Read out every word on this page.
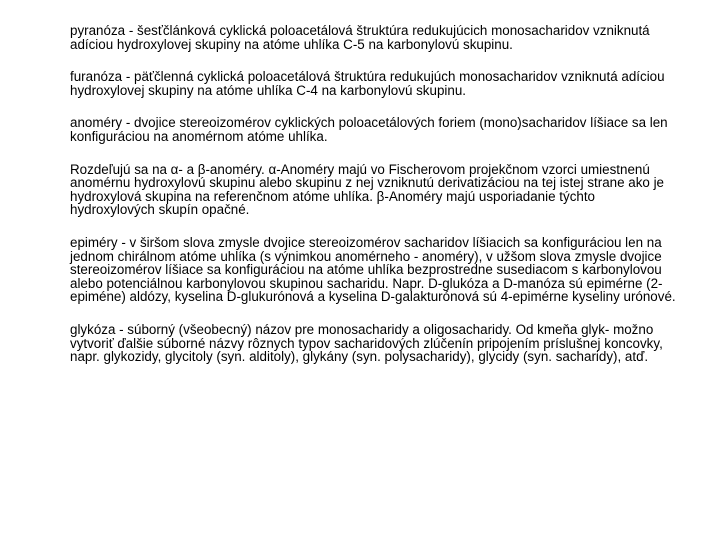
pyranóza - šesťčlánková cyklická poloacetálová štruktúra redukujúcich monosacharidov vzniknutá adíciou hydroxylovej skupiny na atóme uhlíka C-5 na karbonylovú skupinu.

furanóza - päťčlenná cyklická poloacetálová štruktúra redukujúch monosacharidov vzniknutá adíciou hydroxylovej skupiny na atóme uhlíka C-4 na karbonylovú skupinu.

anoméry - dvojice stereoizomérov cyklických poloacetálových foriem (mono)sacharidov líšiace sa len konfiguráciou na anomérnom atóme uhlíka.

Rozdeľujú sa na α- a β-anoméry. α-Anoméry majú vo Fischerovom projekčnom vzorci umiestnenú anomérnu hydroxylovú skupinu alebo skupinu z nej vzniknutú derivatizáciou na tej istej strane ako je hydroxylová skupina na referenčnom atóme uhlíka. β-Anoméry majú usporiadanie týchto hydroxylových skupín opačné.

epiméry - v širšom slova zmysle dvojice stereoizomérov sacharidov líšiacich sa konfiguráciou len na jednom chirálnom atóme uhlíka (s výnimkou anomérneho - anoméry), v užšom slova zmysle dvojice stereoizomérov líšiace sa konfiguráciou na atóme uhlíka bezprostredne susediacom s karbonylovou alebo potenciálnou karbonylovou skupinou sacharidu. Napr. D-glukóza a D-manóza sú epimérne (2-epiméne) aldózy, kyselina D-glukurónová a kyselina D-galakturónová sú 4-epimérne kyseliny urónové.

glykóza - súborný (všeobecný) názov pre monosacharidy a oligosacharidy. Od kmeňa glyk- možno vytvoriť ďalšie súborné názvy rôznych typov sacharidových zlúčenín pripojením príslušnej koncovky, napr. glykozidy, glycitoly (syn. alditoly), glykány (syn. polysacharidy), glycidy (syn. sacharidy), atď.
